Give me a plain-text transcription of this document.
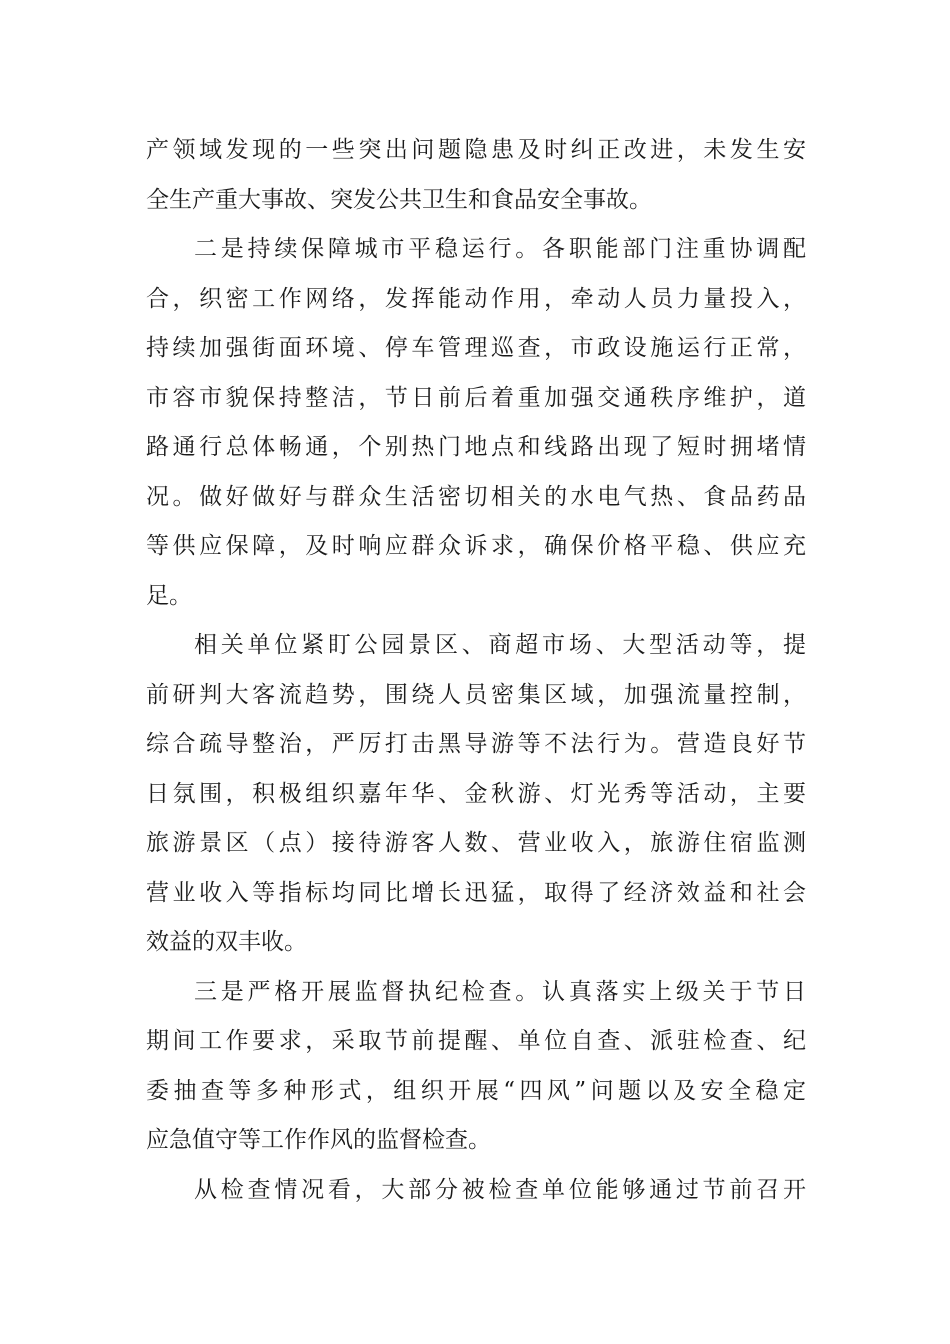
产领域发现的一些突出问题隐患及时纠正改进，未发生安
全生产重大事故、突发公共卫生和食品安全事故。
二是持续保障城市平稳运行。各职能部门注重协调配
合，织密工作网络，发挥能动作用，牵动人员力量投入，
持续加强街面环境、停车管理巡查，市政设施运行正常，
市容市貌保持整洁，节日前后着重加强交通秩序维护，道
路通行总体畅通，个别热门地点和线路出现了短时拥堵情
况。做好做好与群众生活密切相关的水电气热、食品药品
等供应保障，及时响应群众诉求，确保价格平稳、供应充
足。
相关单位紧盯公园景区、商超市场、大型活动等，提
前研判大客流趋势，围绕人员密集区域，加强流量控制，
综合疏导整治，严厉打击黑导游等不法行为。营造良好节
日氛围，积极组织嘉年华、金秋游、灯光秀等活动，主要
旅游景区（点）接待游客人数、营业收入，旅游住宿监测
营业收入等指标均同比增长迅猛，取得了经济效益和社会
效益的双丰收。
三是严格开展监督执纪检查。认真落实上级关于节日
期间工作要求，采取节前提醒、单位自查、派驻检查、纪
委抽查等多种形式，组织开展“四风”问题以及安全稳定
应急值守等工作作风的监督检查。
从检查情况看，大部分被检查单位能够通过节前召开
